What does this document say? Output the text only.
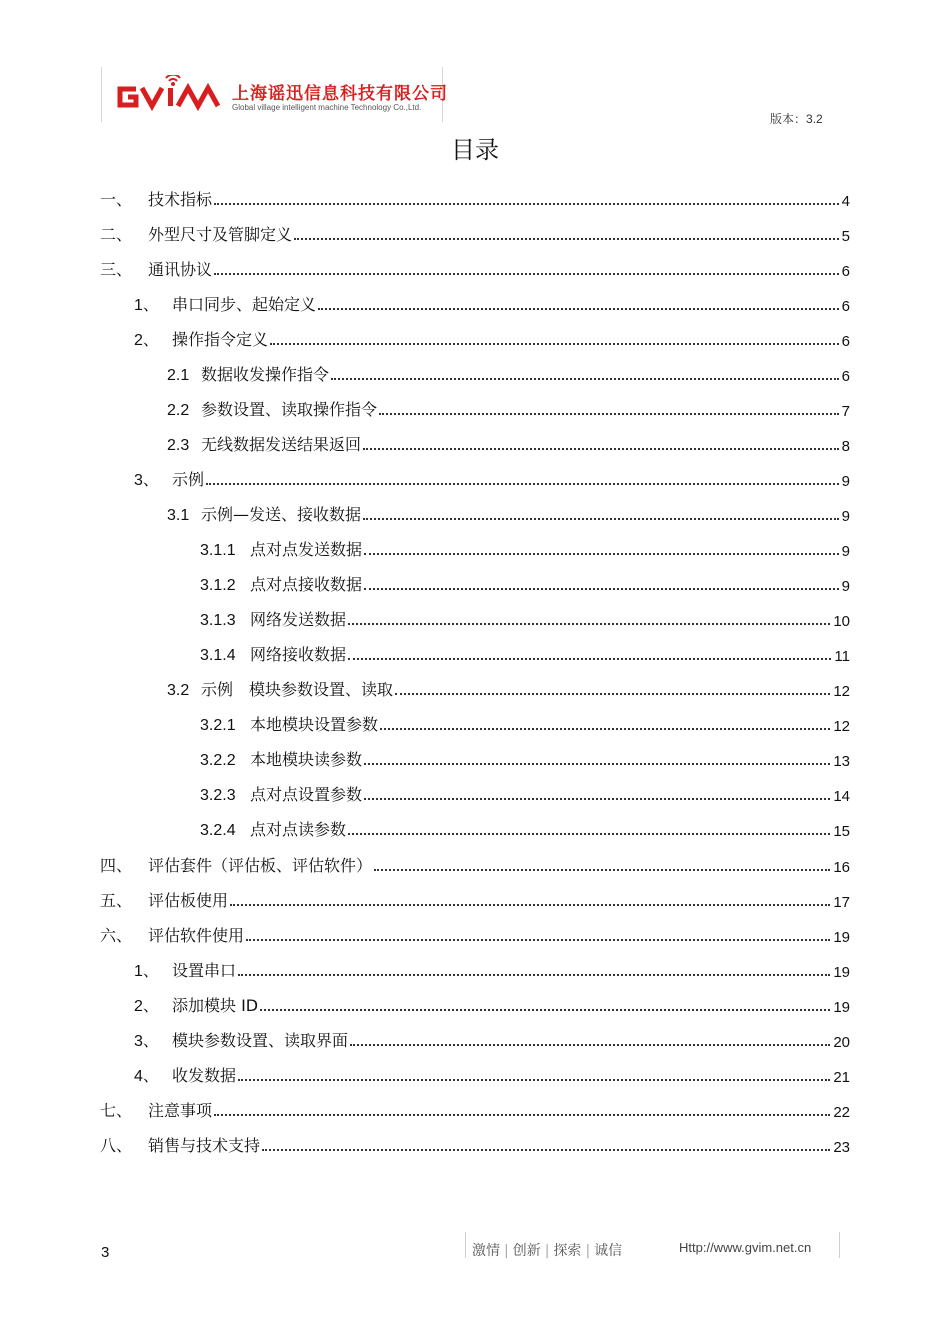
上海谣迅信息科技有限公司
Global village intelligent machine Technology Co.,Ltd.
版本：3.2
目录
一、 技术指标	4
二、 外型尺寸及管脚定义	5
三、 通讯协议	6
1、 串口同步、起始定义	6
2、 操作指令定义	6
2.1 数据收发操作指令	6
2.2 参数设置、读取操作指令	7
2.3 无线数据发送结果返回	8
3、 示例	9
3.1 示例—发送、接收数据	9
3.1.1 点对点发送数据	9
3.1.2 点对点接收数据	9
3.1.3 网络发送数据	10
3.1.4 网络接收数据	11
3.2 示例　模块参数设置、读取	12
3.2.1 本地模块设置参数	12
3.2.2 本地模块读参数	13
3.2.3 点对点设置参数	14
3.2.4 点对点读参数	15
四、 评估套件（评估板、评估软件）	16
五、 评估板使用	17
六、 评估软件使用	19
1、 设置串口	19
2、 添加模块 ID	19
3、 模块参数设置、读取界面	20
4、 收发数据	21
七、 注意事项	22
八、 销售与技术支持	23
3	激情 | 创新 | 探索 | 诚信	Http://www.gvim.net.cn
